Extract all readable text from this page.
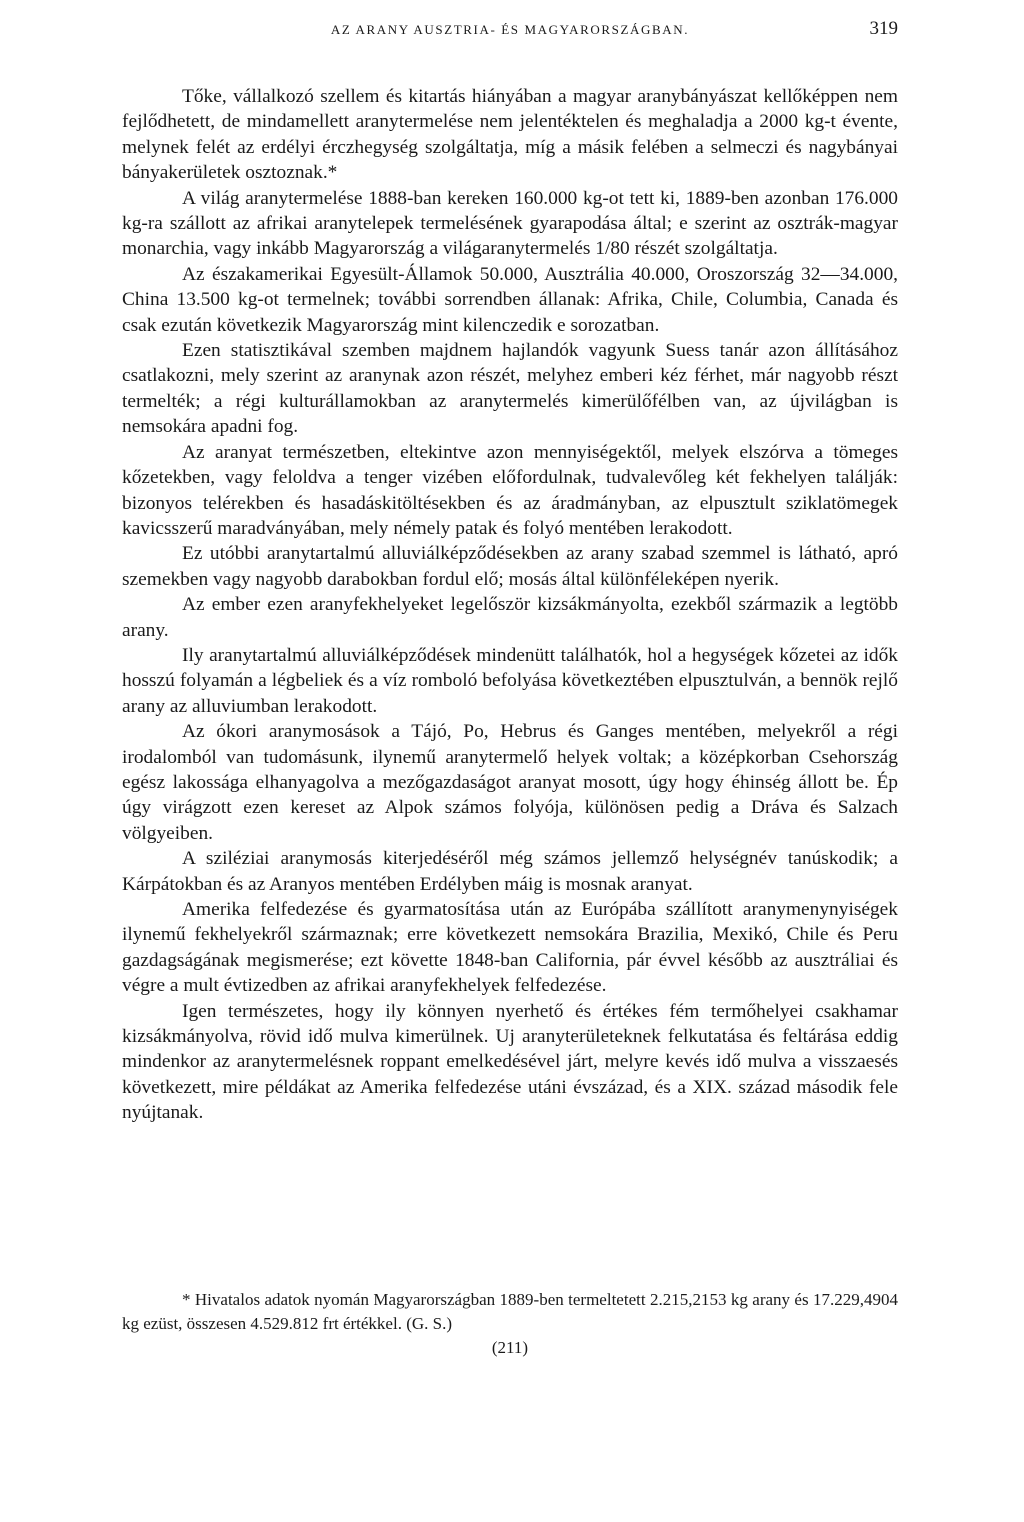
AZ ARANY AUSZTRIA- ÉS MAGYARORSZÁGBAN.	319

Tőke, vállalkozó szellem és kitartás hiányában a magyar aranybányászat kellőképpen nem fejlődhetett, de mindamellett aranytermelése nem jelentéktelen és meghaladja a 2000 kg-t évente, melynek felét az erdélyi érczhegység szolgáltatja, míg a másik felében a selmeczi és nagybányai bányakerületek osztoznak.*

A világ aranytermelése 1888-ban kereken 160.000 kg-ot tett ki, 1889-ben azonban 176.000 kg-ra szállott az afrikai aranytelepek termelésének gyarapodása által; e szerint az osztrák-magyar monarchia, vagy inkább Magyarország a világaranytermelés 1/80 részét szolgáltatja.

Az északamerikai Egyesült-Államok 50.000, Ausztrália 40.000, Oroszország 32—34.000, China 13.500 kg-ot termelnek; további sorrendben állanak: Afrika, Chile, Columbia, Canada és csak ezután következik Magyarország mint kilenczedik e sorozatban.

Ezen statisztikával szemben majdnem hajlandók vagyunk Suess tanár azon állításához csatlakozni, mely szerint az aranynak azon részét, melyhez emberi kéz férhet, már nagyobb részt termelték; a régi kulturállamokban az aranytermelés kimerülőfélben van, az újvilágban is nemsokára apadni fog.

Az aranyat természetben, eltekintve azon mennyiségektől, melyek elszórva a tömeges kőzetekben, vagy feloldva a tenger vizében előfordulnak, tudvalevőleg két fekhelyen találják: bizonyos telérekben és hasadáskitöltésekben és az áradmányban, az elpusztult sziklatömegek kavicsszerű maradványában, mely némely patak és folyó mentében lerakodott.

Ez utóbbi aranytartalmú alluviálképződésekben az arany szabad szemmel is látható, apró szemekben vagy nagyobb darabokban fordul elő; mosás által különféleképen nyerik.

Az ember ezen aranyfekhelyeket legelőször kizsákmányolta, ezekből származik a legtöbb arany.

Ily aranytartalmú alluviálképződések mindenütt találhatók, hol a hegységek kőzetei az idők hosszú folyamán a légbeliek és a víz romboló befolyása következtében elpusztulván, a bennök rejlő arany az alluviumban lerakodott.

Az ókori aranymosások a Tájó, Po, Hebrus és Ganges mentében, melyekről a régi irodalomból van tudomásunk, ilynemű aranytermelő helyek voltak; a középkorban Csehország egész lakossága elhanyagolva a mezőgazdaságot aranyat mosott, úgy hogy éhinség állott be. Ép úgy virágzott ezen kereset az Alpok számos folyója, különösen pedig a Dráva és Salzach völgyeiben.

A sziléziai aranymosás kiterjedéséről még számos jellemző helységnév tanúskodik; a Kárpátokban és az Aranyos mentében Erdélyben máig is mosnak aranyat.

Amerika felfedezése és gyarmatosítása után az Európába szállított aranymenynyiségek ilynemű fekhelyekről származnak; erre következett nemsokára Brazilia, Mexikó, Chile és Peru gazdagságának megismerése; ezt követte 1848-ban California, pár évvel később az ausztráliai és végre a mult évtizedben az afrikai aranyfekhelyek felfedezése.

Igen természetes, hogy ily könnyen nyerhető és értékes fém termőhelyei csakhamar kizsákmányolva, rövid idő mulva kimerülnek. Uj aranyterületeknek felkutatása és feltárása eddig mindenkor az aranytermelésnek roppant emelkedésével járt, melyre kevés idő mulva a visszaesés következett, mire példákat az Amerika felfedezése utáni évszázad, és a XIX. század második fele nyújtanak.

* Hivatalos adatok nyomán Magyarországban 1889-ben termeltetett 2.215,2153 kg arany és 17.229,4904 kg ezüst, összesen 4.529.812 frt értékkel. (G. S.)

(211)
